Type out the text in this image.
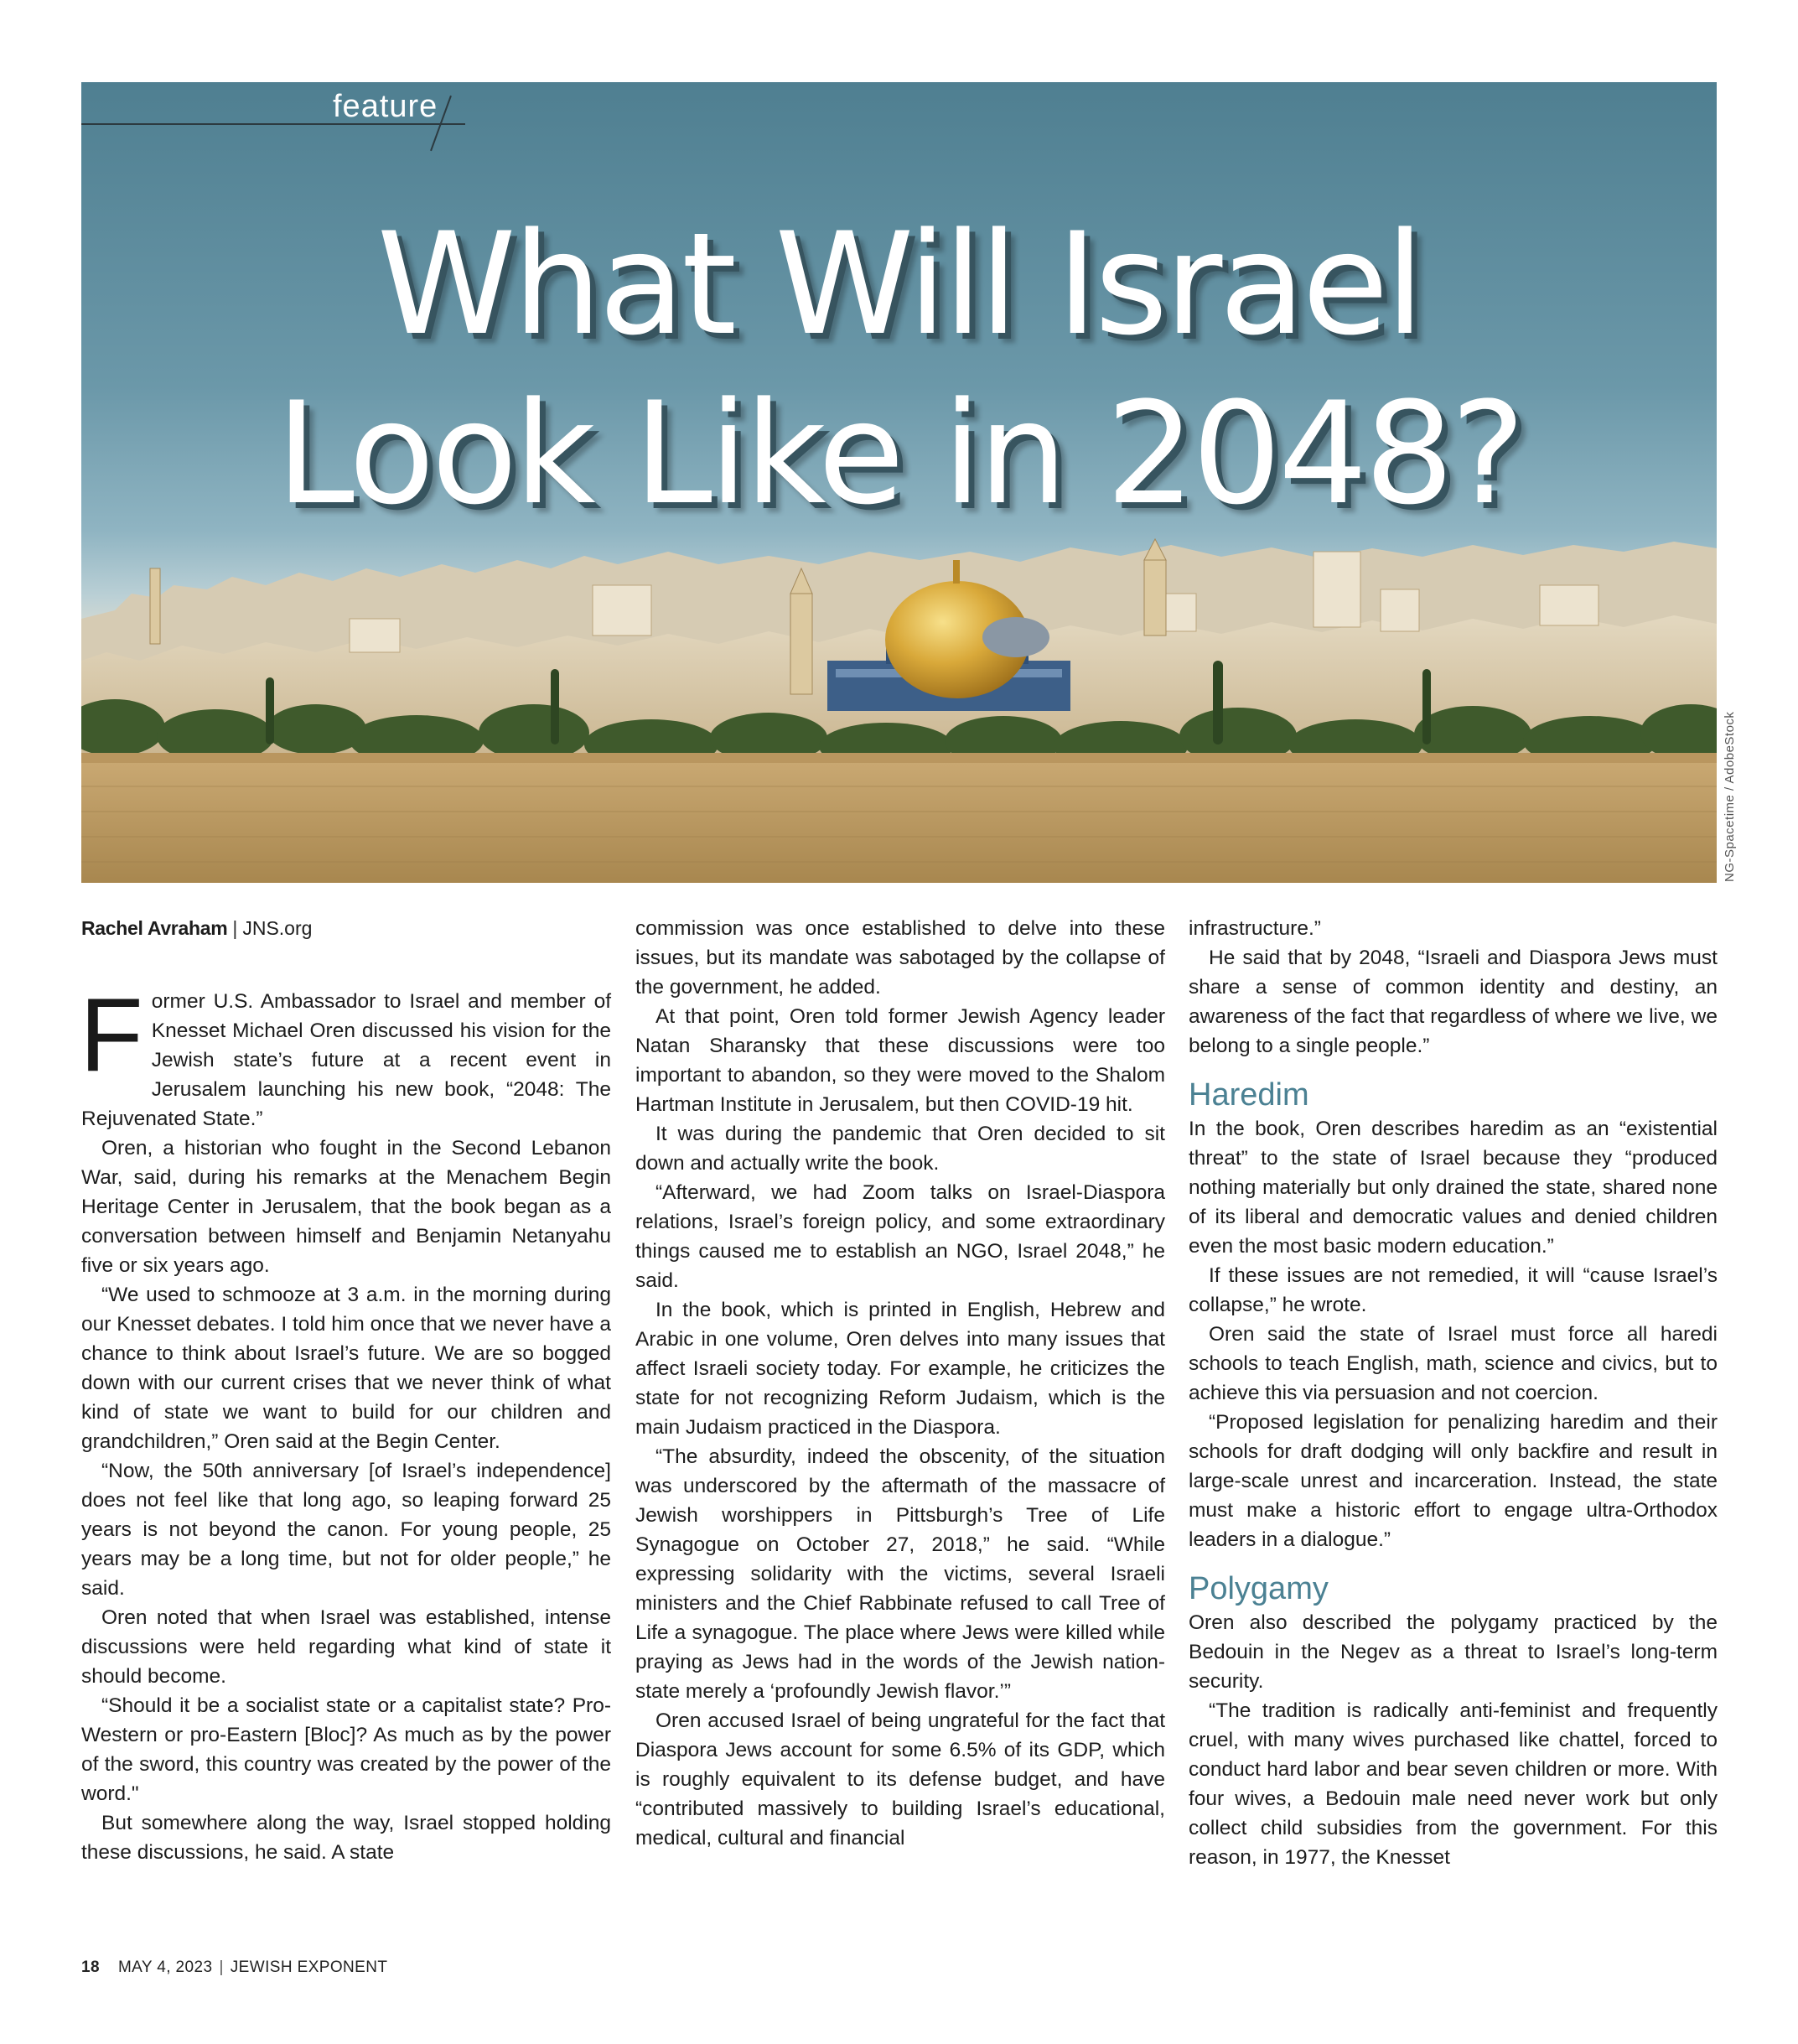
feature
What Will Israel
Look Like in 2048?
NG-Spacetime / AdobeStock
Rachel Avraham | JNS.org

Former U.S. Ambassador to Israel and member of Knesset Michael Oren discussed his vision for the Jewish state’s future at a recent event in Jerusalem launching his new book, “2048: The Rejuvenated State.”

Oren, a historian who fought in the Second Lebanon War, said, during his remarks at the Menachem Begin Heritage Center in Jerusalem, that the book began as a conversation between himself and Benjamin Netanyahu five or six years ago.

“We used to schmooze at 3 a.m. in the morning during our Knesset debates. I told him once that we never have a chance to think about Israel’s future. We are so bogged down with our current crises that we never think of what kind of state we want to build for our children and grandchildren,” Oren said at the Begin Center.

“Now, the 50th anniversary [of Israel’s independence] does not feel like that long ago, so leaping forward 25 years is not beyond the canon. For young people, 25 years may be a long time, but not for older people,” he said.

Oren noted that when Israel was established, intense discussions were held regarding what kind of state it should become.

“Should it be a socialist state or a capitalist state? Pro-Western or pro-Eastern [Bloc]? As much as by the power of the sword, this country was created by the power of the word."

But somewhere along the way, Israel stopped holding these discussions, he said. A state

commission was once established to delve into these issues, but its mandate was sabotaged by the collapse of the government, he added.

At that point, Oren told former Jewish Agency leader Natan Sharansky that these discussions were too important to abandon, so they were moved to the Shalom Hartman Institute in Jerusalem, but then COVID-19 hit.

It was during the pandemic that Oren decided to sit down and actually write the book.

“Afterward, we had Zoom talks on Israel-Diaspora relations, Israel’s foreign policy, and some extraordinary things caused me to establish an NGO, Israel 2048,” he said.

In the book, which is printed in English, Hebrew and Arabic in one volume, Oren delves into many issues that affect Israeli society today. For example, he criticizes the state for not recognizing Reform Judaism, which is the main Judaism practiced in the Diaspora.

“The absurdity, indeed the obscenity, of the situation was underscored by the aftermath of the massacre of Jewish worshippers in Pittsburgh’s Tree of Life Synagogue on October 27, 2018,” he said. “While expressing solidarity with the victims, several Israeli ministers and the Chief Rabbinate refused to call Tree of Life a synagogue. The place where Jews were killed while praying as Jews had in the words of the Jewish nation-state merely a ‘profoundly Jewish flavor.’”

Oren accused Israel of being ungrateful for the fact that Diaspora Jews account for some 6.5% of its GDP, which is roughly equivalent to its defense budget, and have “contributed massively to building Israel’s educational, medical, cultural and financial

infrastructure.”

He said that by 2048, “Israeli and Diaspora Jews must share a sense of common identity and destiny, an awareness of the fact that regardless of where we live, we belong to a single people.”

Haredim

In the book, Oren describes haredim as an “existential threat” to the state of Israel because they “produced nothing materially but only drained the state, shared none of its liberal and democratic values and denied children even the most basic modern education.”

If these issues are not remedied, it will “cause Israel’s collapse,” he wrote.

Oren said the state of Israel must force all haredi schools to teach English, math, science and civics, but to achieve this via persuasion and not coercion.

“Proposed legislation for penalizing haredim and their schools for draft dodging will only backfire and result in large-scale unrest and incarceration. Instead, the state must make a historic effort to engage ultra-Orthodox leaders in a dialogue.”

Polygamy

Oren also described the polygamy practiced by the Bedouin in the Negev as a threat to Israel’s long-term security.

“The tradition is radically anti-feminist and frequently cruel, with many wives purchased like chattel, forced to conduct hard labor and bear seven children or more. With four wives, a Bedouin male need never work but only collect child subsidies from the government. For this reason, in 1977, the Knesset

18 MAY 4, 2023 | JEWISH EXPONENT
